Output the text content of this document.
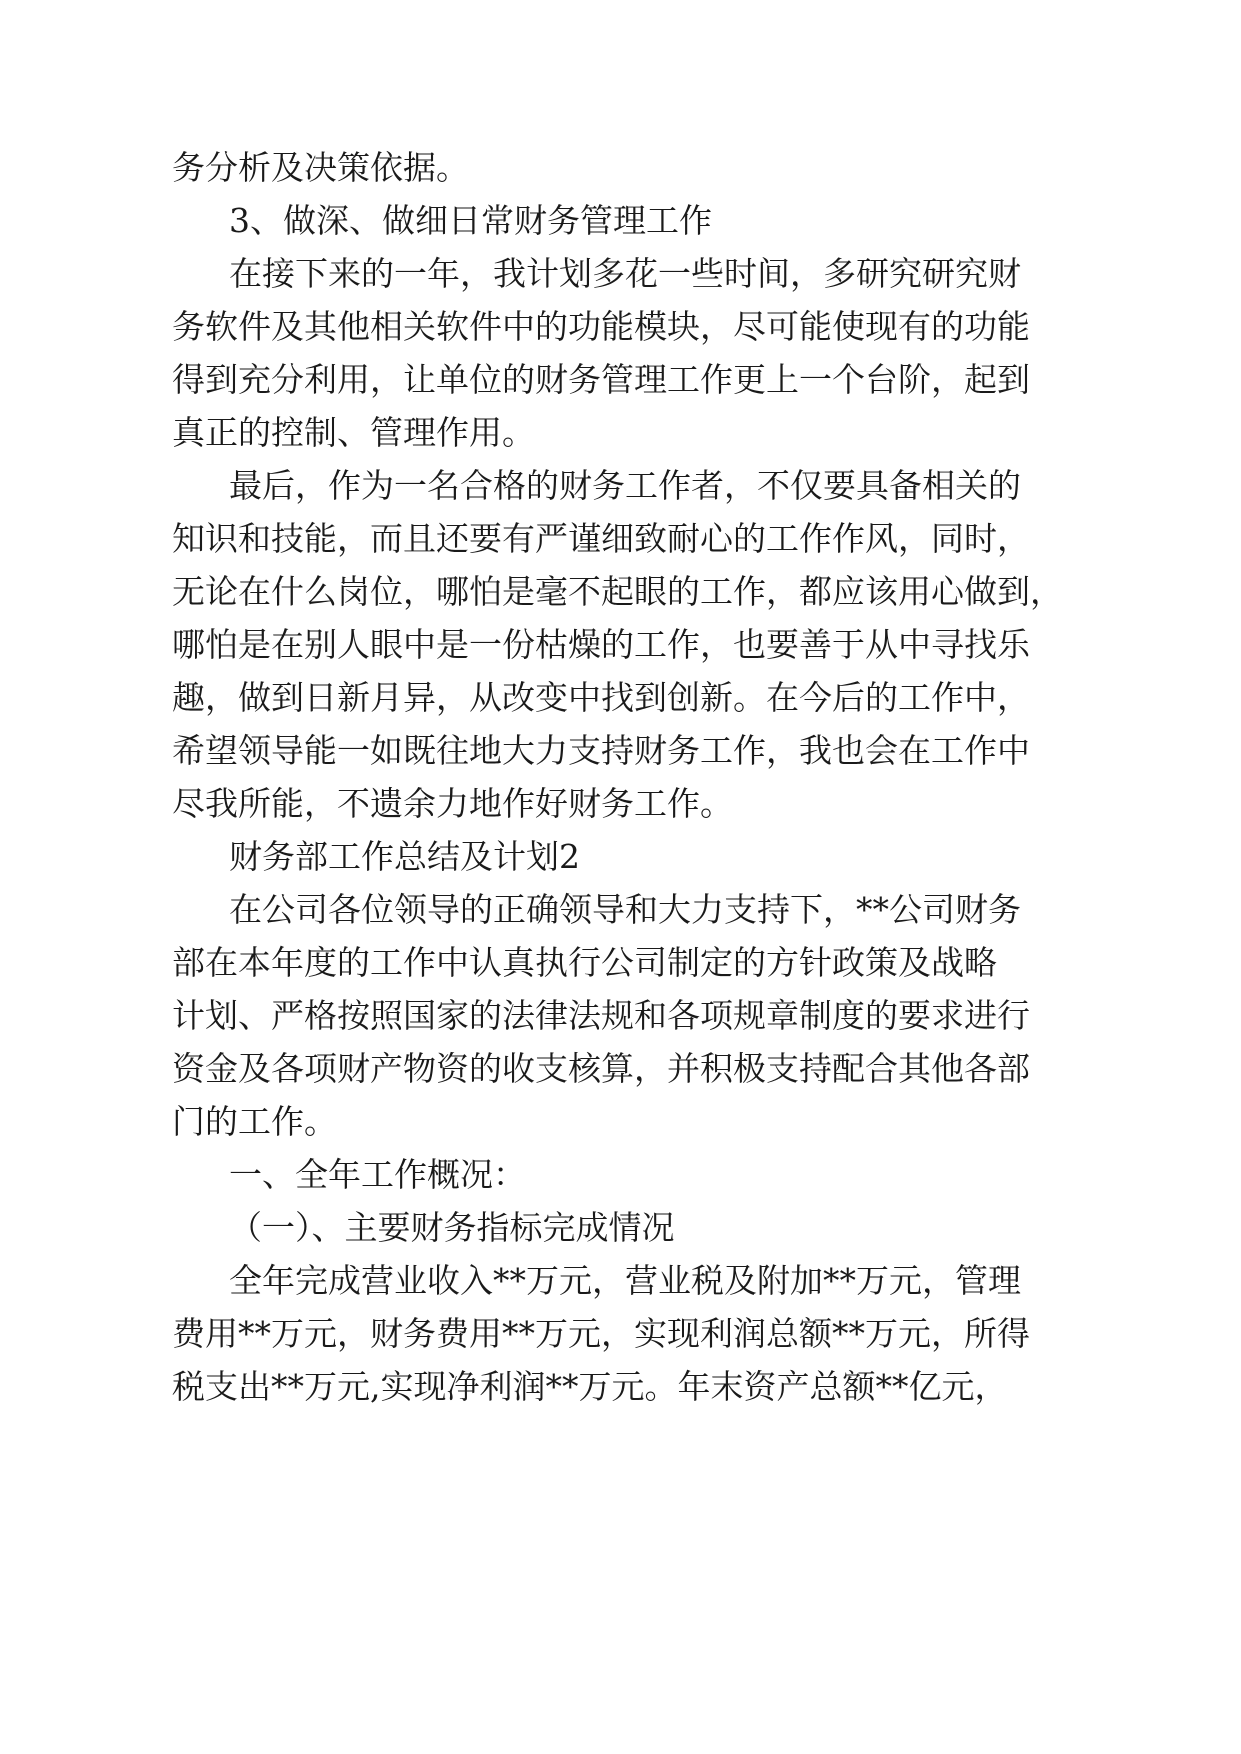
务分析及决策依据。

3、做深、做细日常财务管理工作

在接下来的一年，我计划多花一些时间，多研究研究财

务软件及其他相关软件中的功能模块，尽可能使现有的功能

得到充分利用，让单位的财务管理工作更上一个台阶，起到

真正的控制、管理作用。

最后，作为一名合格的财务工作者，不仅要具备相关的

知识和技能，而且还要有严谨细致耐心的工作作风，同时，

无论在什么岗位，哪怕是毫不起眼的工作，都应该用心做到，

哪怕是在别人眼中是一份枯燥的工作，也要善于从中寻找乐

趣，做到日新月异，从改变中找到创新。在今后的工作中，

希望领导能一如既往地大力支持财务工作，我也会在工作中

尽我所能，不遗余力地作好财务工作。

财务部工作总结及计划2

在公司各位领导的正确领导和大力支持下，**公司财务

部在本年度的工作中认真执行公司制定的方针政策及战略

计划、严格按照国家的法律法规和各项规章制度的要求进行

资金及各项财产物资的收支核算，并积极支持配合其他各部

门的工作。

一、全年工作概况：

（一）、主要财务指标完成情况

全年完成营业收入**万元，营业税及附加**万元，管理

费用**万元，财务费用**万元，实现利润总额**万元，所得

税支出**万元,实现净利润**万元。年末资产总额**亿元，
